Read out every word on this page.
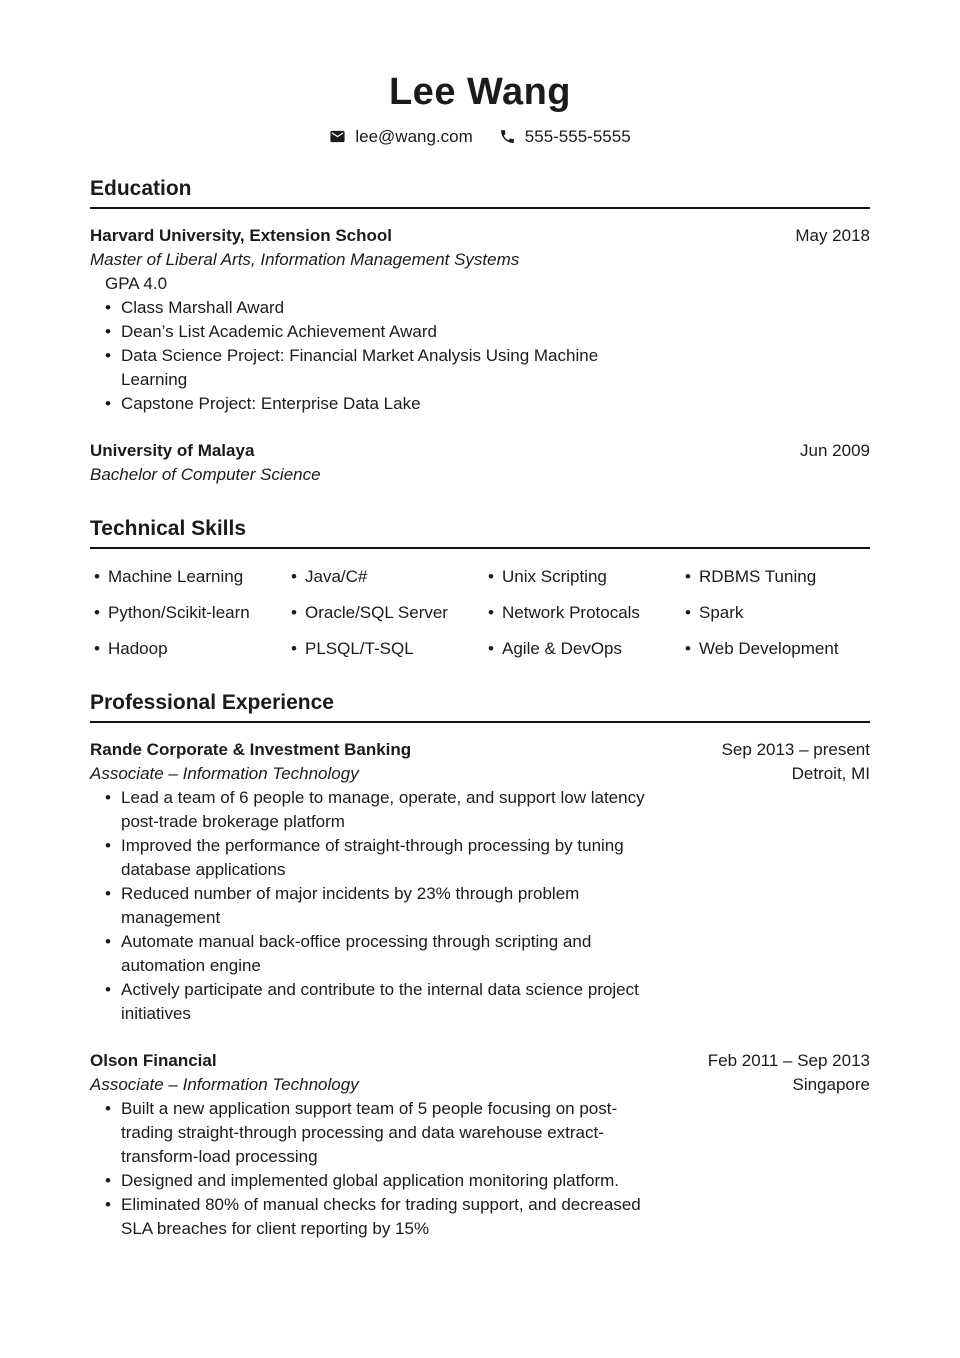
Lee Wang
lee@wang.com	555-555-5555
Education
Harvard University, Extension School
Master of Liberal Arts, Information Management Systems
GPA 4.0
• Class Marshall Award
• Dean’s List Academic Achievement Award
• Data Science Project: Financial Market Analysis Using Machine Learning
• Capstone Project: Enterprise Data Lake
May 2018
University of Malaya
Bachelor of Computer Science
Jun 2009
Technical Skills
• Machine Learning	• Java/C#	• Unix Scripting	• RDBMS Tuning
• Python/Scikit-learn	• Oracle/SQL Server	• Network Protocals	• Spark
• Hadoop	• PLSQL/T-SQL	• Agile & DevOps	• Web Development
Professional Experience
Rande Corporate & Investment Banking
Associate – Information Technology
• Lead a team of 6 people to manage, operate, and support low latency post-trade brokerage platform
• Improved the performance of straight-through processing by tuning database applications
• Reduced number of major incidents by 23% through problem management
• Automate manual back-office processing through scripting and automation engine
• Actively participate and contribute to the internal data science project initiatives
Sep 2013 – present
Detroit, MI
Olson Financial
Associate – Information Technology
• Built a new application support team of 5 people focusing on post-trading straight-through processing and data warehouse extract-transform-load processing
• Designed and implemented global application monitoring platform.
• Eliminated 80% of manual checks for trading support, and decreased SLA breaches for client reporting by 15%
Feb 2011 – Sep 2013
Singapore
